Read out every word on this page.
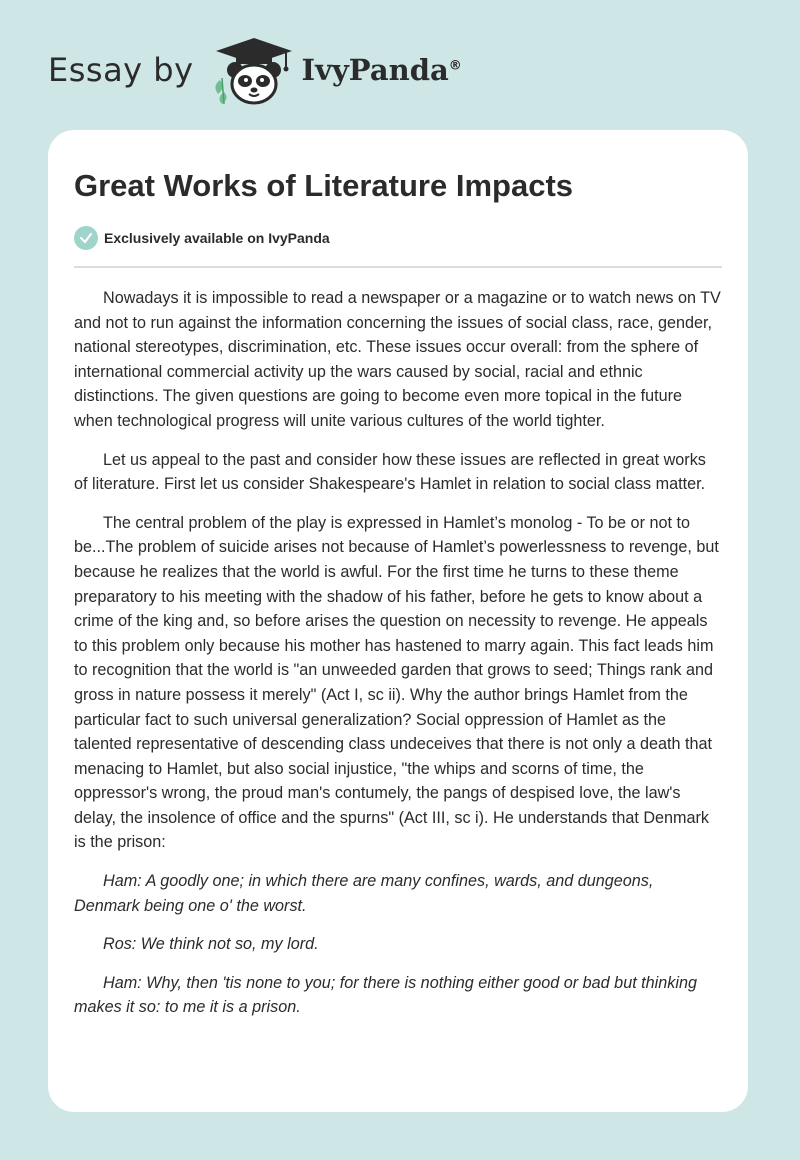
Essay by	IvyPanda®
Great Works of Literature Impacts
Exclusively available on IvyPanda

Nowadays it is impossible to read a newspaper or a magazine or to watch news on TV and not to run against the information concerning the issues of social class, race, gender, national stereotypes, discrimination, etc. These issues occur overall: from the sphere of international commercial activity up the wars caused by social, racial and ethnic distinctions. The given questions are going to become even more topical in the future when technological progress will unite various cultures of the world tighter.

Let us appeal to the past and consider how these issues are reflected in great works of literature. First let us consider Shakespeare's Hamlet in relation to social class matter.

The central problem of the play is expressed in Hamlet’s monolog - To be or not to be...The problem of suicide arises not because of Hamlet’s powerlessness to revenge, but because he realizes that the world is awful. For the first time he turns to these theme preparatory to his meeting with the shadow of his father, before he gets to know about a crime of the king and, so before arises the question on necessity to revenge. He appeals to this problem only because his mother has hastened to marry again. This fact leads him to recognition that the world is "an unweeded garden that grows to seed; Things rank and gross in nature possess it merely" (Act I, sc ii). Why the author brings Hamlet from the particular fact to such universal generalization? Social oppression of Hamlet as the talented representative of descending class undeceives that there is not only a death that menacing to Hamlet, but also social injustice, "the whips and scorns of time, the oppressor's wrong, the proud man's contumely, the pangs of despised love, the law's delay, the insolence of office and the spurns" (Act III, sc i). He understands that Denmark is the prison:

Ham: A goodly one; in which there are many confines, wards, and dungeons, Denmark being one o' the worst.

Ros: We think not so, my lord.

Ham: Why, then 'tis none to you; for there is nothing either good or bad but thinking makes it so: to me it is a prison.
